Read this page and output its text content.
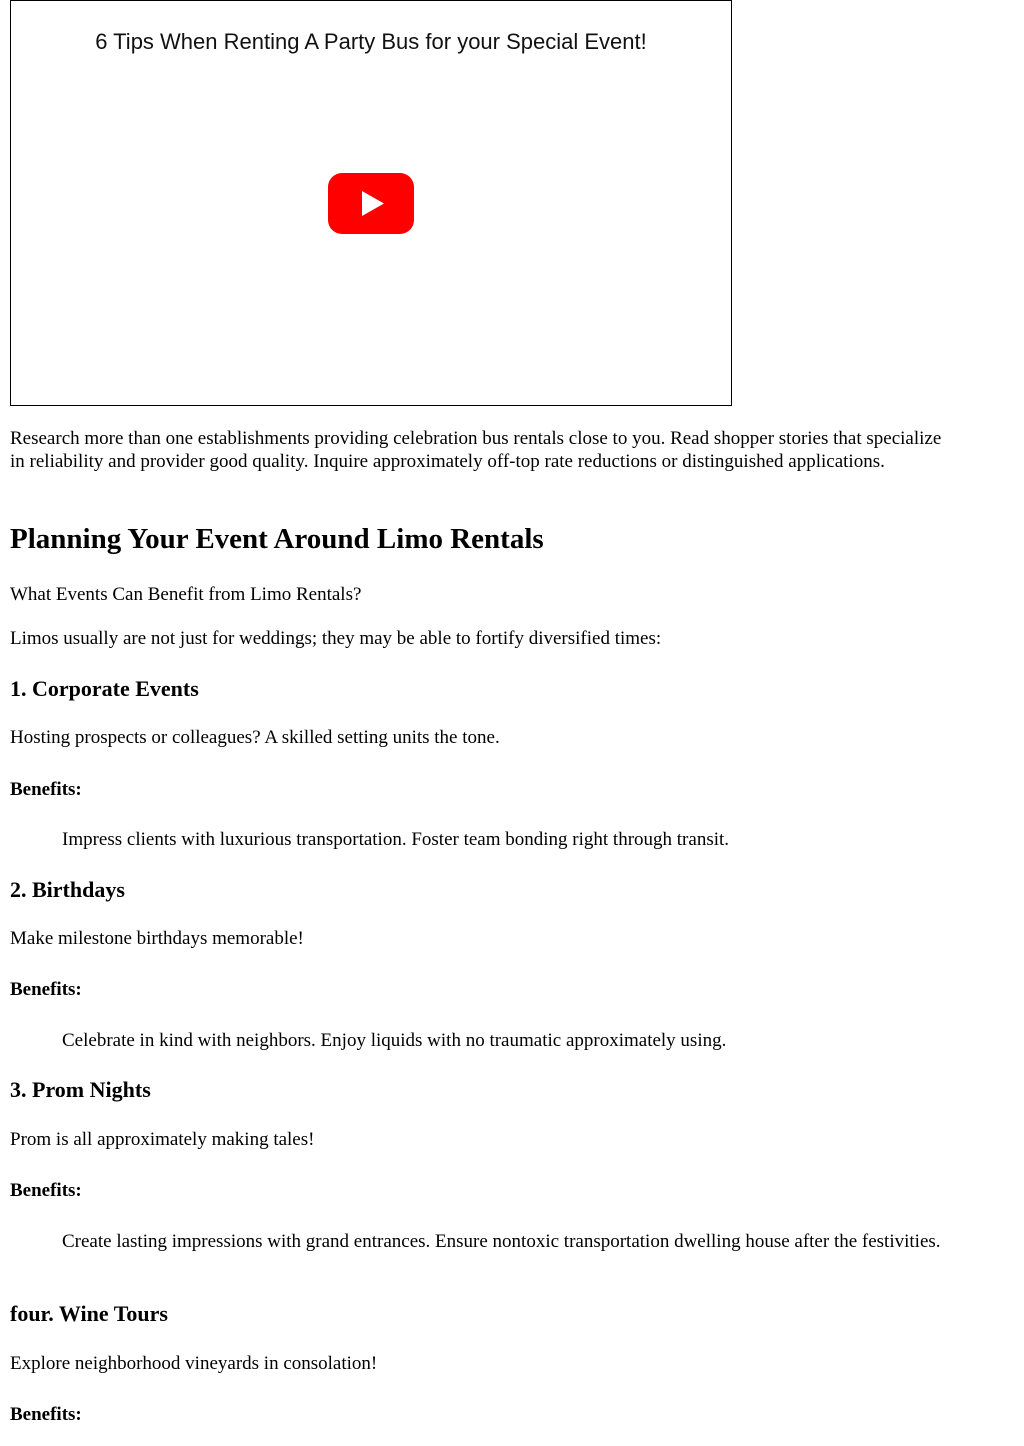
6 Tips When Renting A Party Bus for your Special Event!

Research more than one establishments providing celebration bus rentals close to you. Read shopper stories that specialize in reliability and provider good quality. Inquire approximately off-top rate reductions or distinguished applications.

Planning Your Event Around Limo Rentals

What Events Can Benefit from Limo Rentals?

Limos usually are not just for weddings; they may be able to fortify diversified times:

1. Corporate Events

Hosting prospects or colleagues? A skilled setting units the tone.

Benefits:

Impress clients with luxurious transportation. Foster team bonding right through transit.

2. Birthdays

Make milestone birthdays memorable!

Benefits:

Celebrate in kind with neighbors. Enjoy liquids with no traumatic approximately using.

3. Prom Nights

Prom is all approximately making tales!

Benefits:

Create lasting impressions with grand entrances. Ensure nontoxic transportation dwelling house after the festivities.

four. Wine Tours

Explore neighborhood vineyards in consolation!

Benefits:
